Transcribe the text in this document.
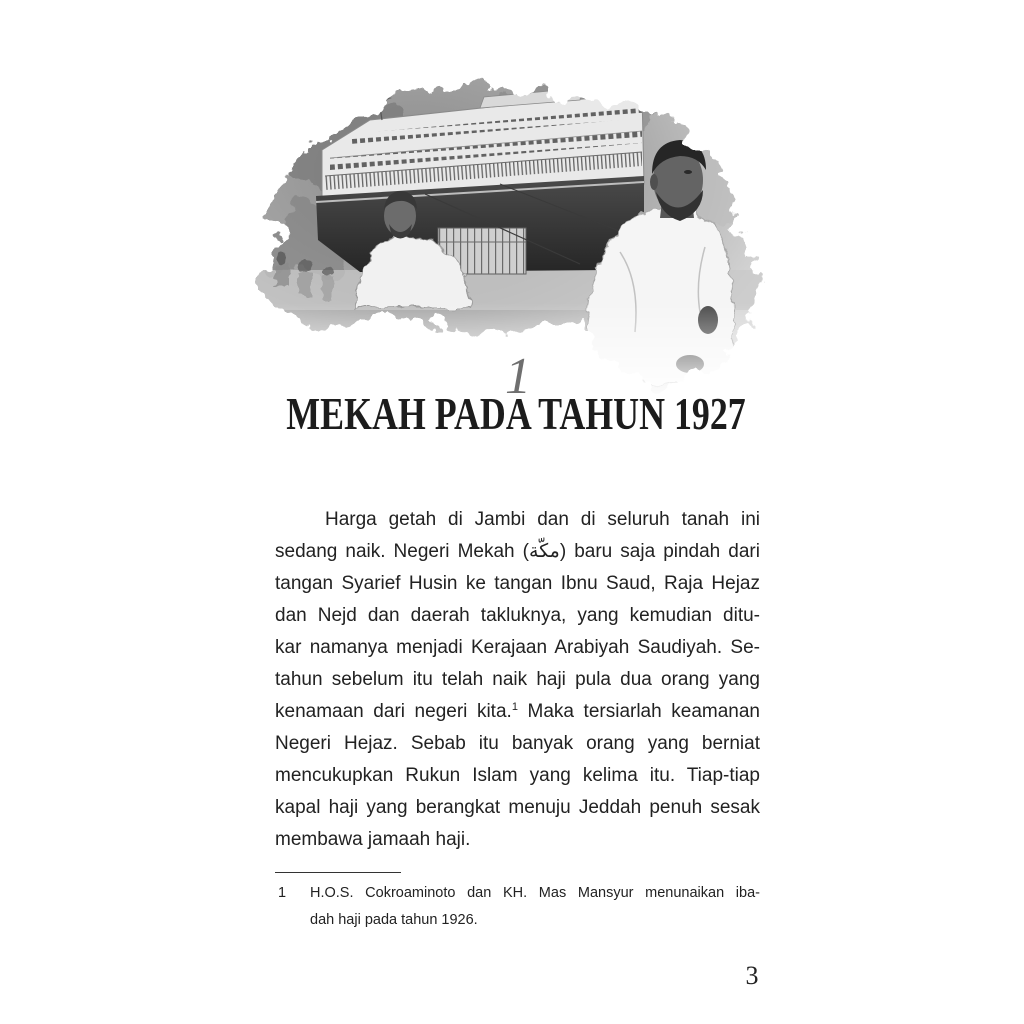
1
MEKAH PADA TAHUN 1927
Harga getah di Jambi dan di seluruh tanah ini
sedang naik. Negeri Mekah (مكّة) baru saja pindah dari
tangan Syarief Husin ke tangan Ibnu Saud, Raja Hejaz
dan Nejd dan daerah takluknya, yang kemudian ditu-
kar namanya menjadi Kerajaan Arabiyah Saudiyah. Se-
tahun sebelum itu telah naik haji pula dua orang yang
kenamaan dari negeri kita.$^1$ Maka tersiarlah keamanan
Negeri Hejaz. Sebab itu banyak orang yang berniat
mencukupkan Rukun Islam yang kelima itu. Tiap-tiap
kapal haji yang berangkat menuju Jeddah penuh sesak
membawa jamaah haji.
1 H.O.S. Cokroaminoto dan KH. Mas Mansyur menunaikan iba-
dah haji pada tahun 1926.
3
